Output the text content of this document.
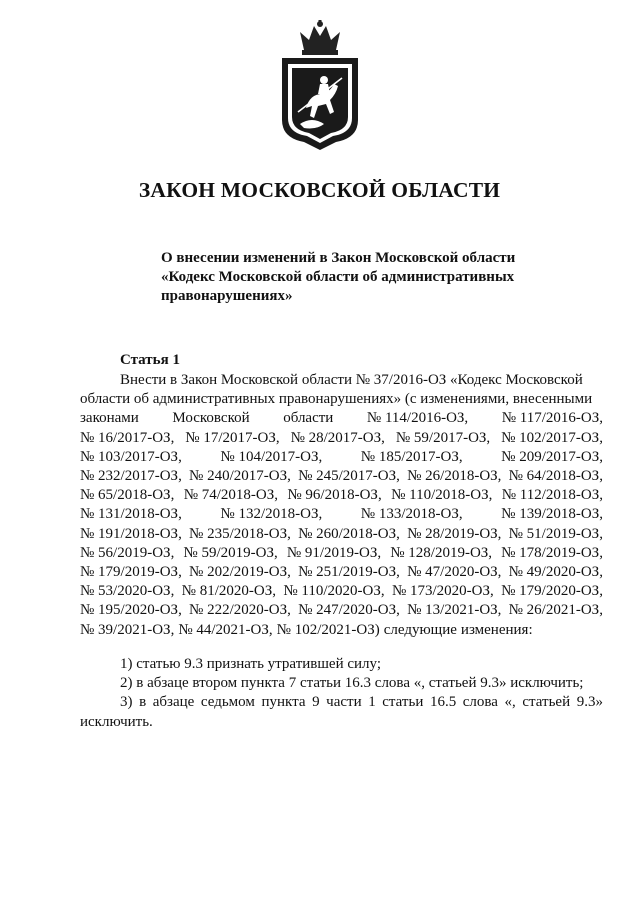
ЗАКОН МОСКОВСКОЙ ОБЛАСТИ
О внесении изменений в Закон Московской области
«Кодекс Московской области об административных
правонарушениях»
Статья 1
Внести в Закон Московской области № 37/2016-ОЗ «Кодекс Московской
области об административных правонарушениях» (с изменениями, внесенными
законами Московской области № 114/2016-ОЗ, № 117/2016-ОЗ,
№ 16/2017-ОЗ, № 17/2017-ОЗ, № 28/2017-ОЗ, № 59/2017-ОЗ, № 102/2017-ОЗ,
№ 103/2017-ОЗ,	№ 104/2017-ОЗ,	№ 185/2017-ОЗ,	№ 209/2017-ОЗ,
№ 232/2017-ОЗ, № 240/2017-ОЗ, № 245/2017-ОЗ, № 26/2018-ОЗ, № 64/2018-ОЗ,
№ 65/2018-ОЗ, № 74/2018-ОЗ, № 96/2018-ОЗ, № 110/2018-ОЗ, № 112/2018-ОЗ,
№ 131/2018-ОЗ,	№ 132/2018-ОЗ,	№ 133/2018-ОЗ,	№ 139/2018-ОЗ,
№ 191/2018-ОЗ, № 235/2018-ОЗ, № 260/2018-ОЗ, № 28/2019-ОЗ, № 51/2019-ОЗ,
№ 56/2019-ОЗ, № 59/2019-ОЗ, № 91/2019-ОЗ, № 128/2019-ОЗ, № 178/2019-ОЗ,
№ 179/2019-ОЗ, № 202/2019-ОЗ, № 251/2019-ОЗ, № 47/2020-ОЗ, № 49/2020-ОЗ,
№ 53/2020-ОЗ, № 81/2020-ОЗ, № 110/2020-ОЗ, № 173/2020-ОЗ, № 179/2020-ОЗ,
№ 195/2020-ОЗ, № 222/2020-ОЗ, № 247/2020-ОЗ, № 13/2021-ОЗ, № 26/2021-ОЗ,
№ 39/2021-ОЗ, № 44/2021-ОЗ, № 102/2021-ОЗ) следующие изменения:
1) статью 9.3 признать утратившей силу;
2) в абзаце втором пункта 7 статьи 16.3 слова «, статьей 9.3» исключить;
3) в абзаце седьмом пункта 9 части 1 статьи 16.5 слова «, статьей 9.3»
исключить.
